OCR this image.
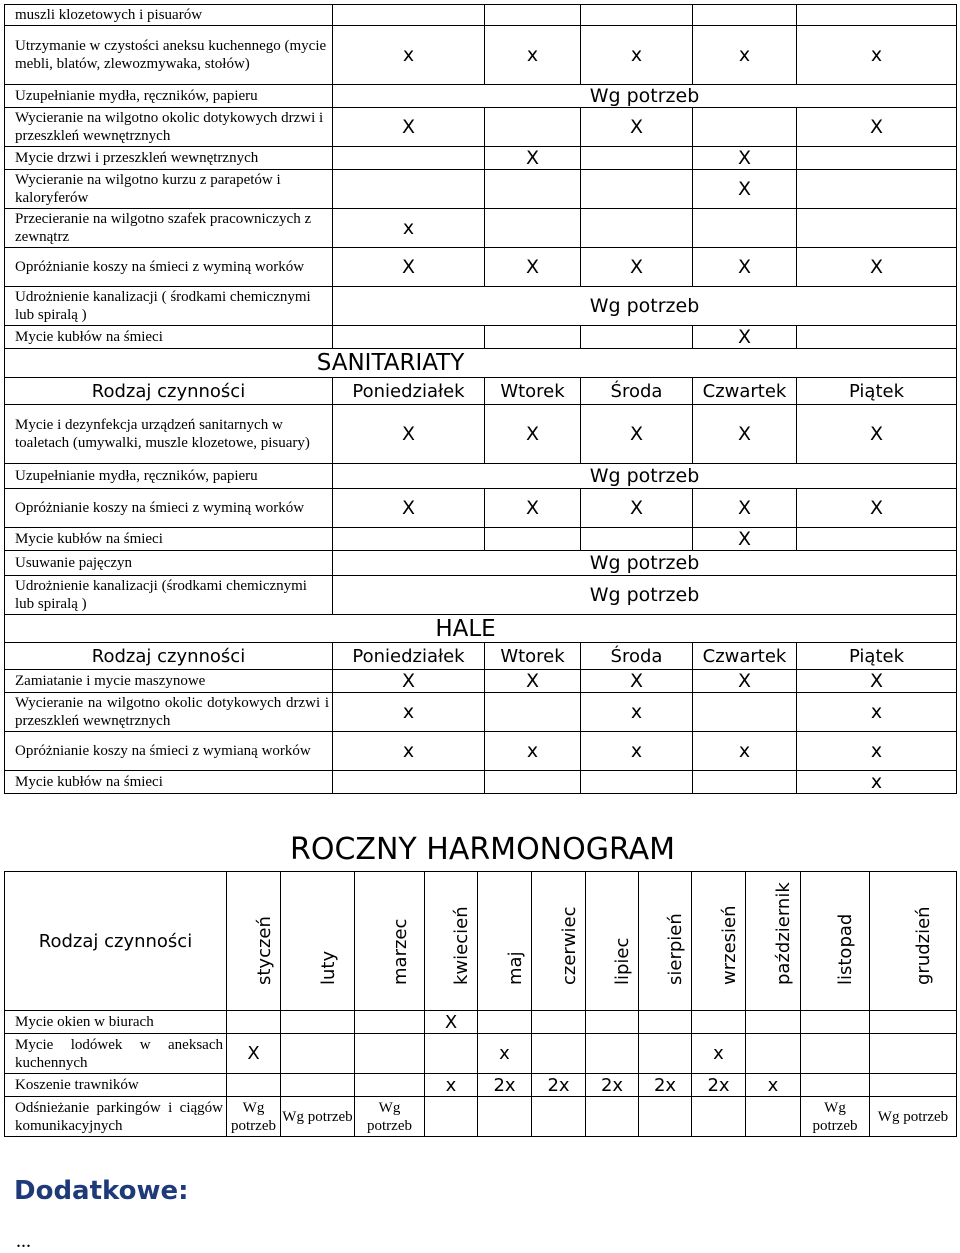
muszli klozetowych i pisuarów					
Utrzymanie w czystości aneksu kuchennego (mycie mebli, blatów, zlewozmywaka, stołów)	x	x	x	x	x
Uzupełnianie mydła, ręczników, papieru	Wg potrzeb				
Wycieranie na wilgotno okolic dotykowych drzwi i przeszkleń wewnętrznych	X		X		X
Mycie drzwi i przeszkleń wewnętrznych		X		X	
Wycieranie na wilgotno kurzu z parapetów i kaloryferów				X	
Przecieranie na wilgotno szafek pracowniczych z zewnątrz	x				
Opróżnianie koszy na śmieci z wyminą worków	X	X	X	X	X
Udrożnienie kanalizacji ( środkami chemicznymi lub spiralą )	Wg potrzeb				
Mycie kubłów na śmieci				X	
SANITARIATY					
Rodzaj czynności	Poniedziałek	Wtorek	Środa	Czwartek	Piątek
Mycie i dezynfekcja urządzeń sanitarnych w toaletach (umywalki, muszle klozetowe, pisuary)	X	X	X	X	X
Uzupełnianie mydła, ręczników, papieru	Wg potrzeb				
Opróżnianie koszy na śmieci z wyminą worków	X	X	X	X	X
Mycie kubłów na śmieci				X	
Usuwanie pajęczyn	Wg potrzeb				
Udrożnienie kanalizacji (środkami chemicznymi lub spiralą )	Wg potrzeb				
HALE					
Rodzaj czynności	Poniedziałek	Wtorek	Środa	Czwartek	Piątek
Zamiatanie i mycie maszynowe	X	X	X	X	X
Wycieranie na wilgotno okolic dotykowych drzwi i przeszkleń wewnętrznych	x		x		x
Opróżnianie koszy na śmieci z wymianą worków	x	x	x	x	x
Mycie kubłów na śmieci					x
ROCZNY HARMONOGRAM
Rodzaj czynności	styczeń	luty	marzec	kwiecień	maj	czerwiec	lipiec	sierpień	wrzesień	październik	listopad	grudzień

Mycie okien w biurach				X								
Mycie lodówek w aneksach kuchennych	X				x				x			
Koszenie trawników				x	2x	2x	2x	2x	2x	x		
Odśnieżanie parkingów i ciągów komunikacyjnych	Wg potrzeb	Wg potrzeb	Wg potrzeb								Wg potrzeb	Wg potrzeb
Dodatkowe:
...
